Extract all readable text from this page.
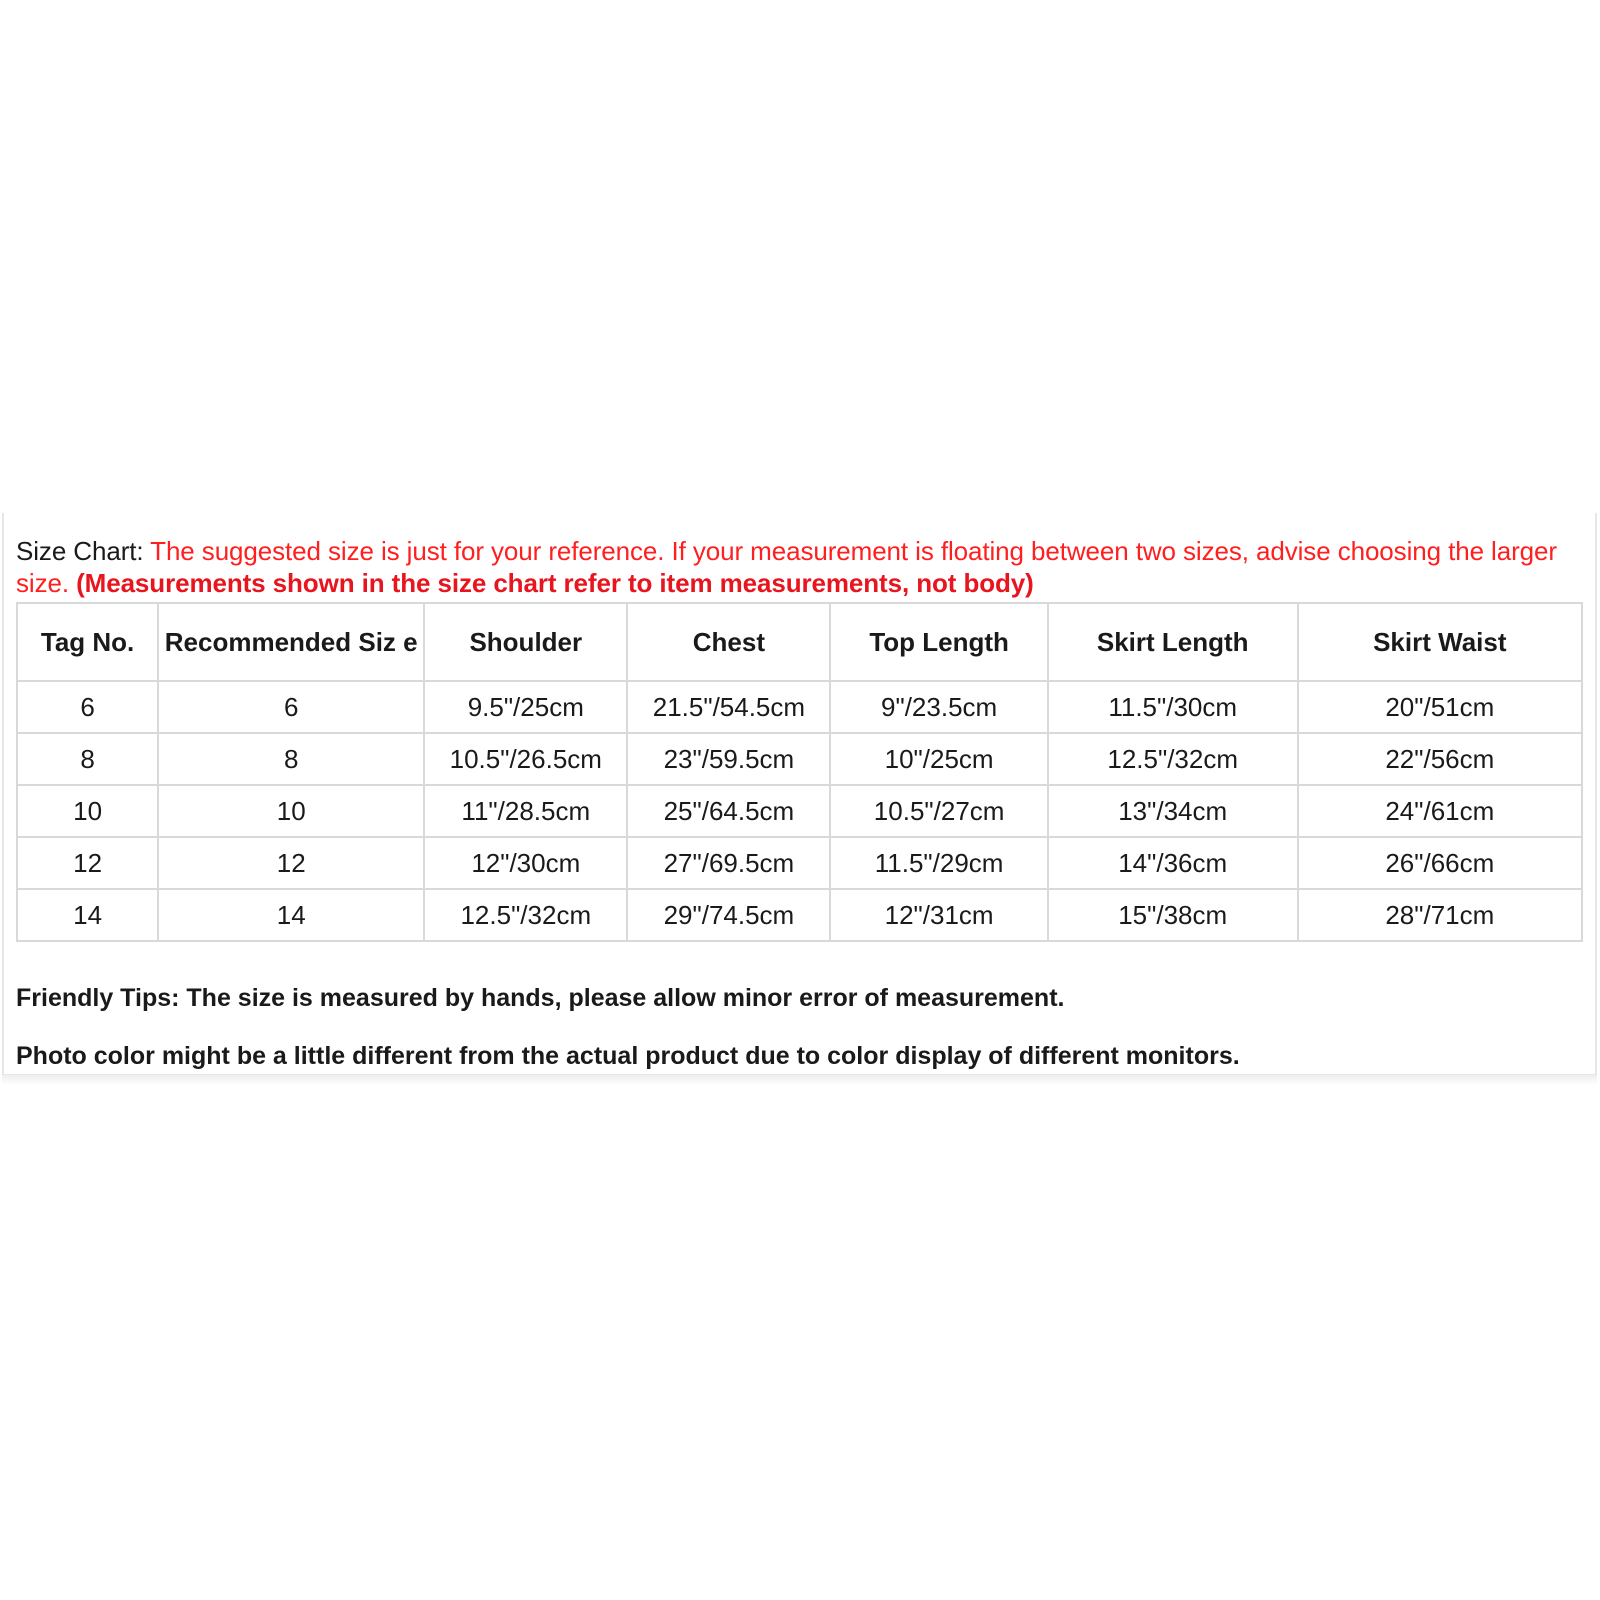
Size Chart: The suggested size is just for your reference. If your measurement is floating between two sizes, advise choosing the larger size. (Measurements shown in the size chart refer to item measurements, not body)
Tag No.	Recommended Siz e	Shoulder	Chest	Top Length	Skirt Length	Skirt Waist
6	6	9.5"/25cm	21.5"/54.5cm	9"/23.5cm	11.5"/30cm	20"/51cm
8	8	10.5"/26.5cm	23"/59.5cm	10"/25cm	12.5"/32cm	22"/56cm
10	10	11"/28.5cm	25"/64.5cm	10.5"/27cm	13"/34cm	24"/61cm
12	12	12"/30cm	27"/69.5cm	11.5"/29cm	14"/36cm	26"/66cm
14	14	12.5"/32cm	29"/74.5cm	12"/31cm	15"/38cm	28"/71cm
Friendly Tips: The size is measured by hands, please allow minor error of measurement.
Photo color might be a little different from the actual product due to color display of different monitors.
